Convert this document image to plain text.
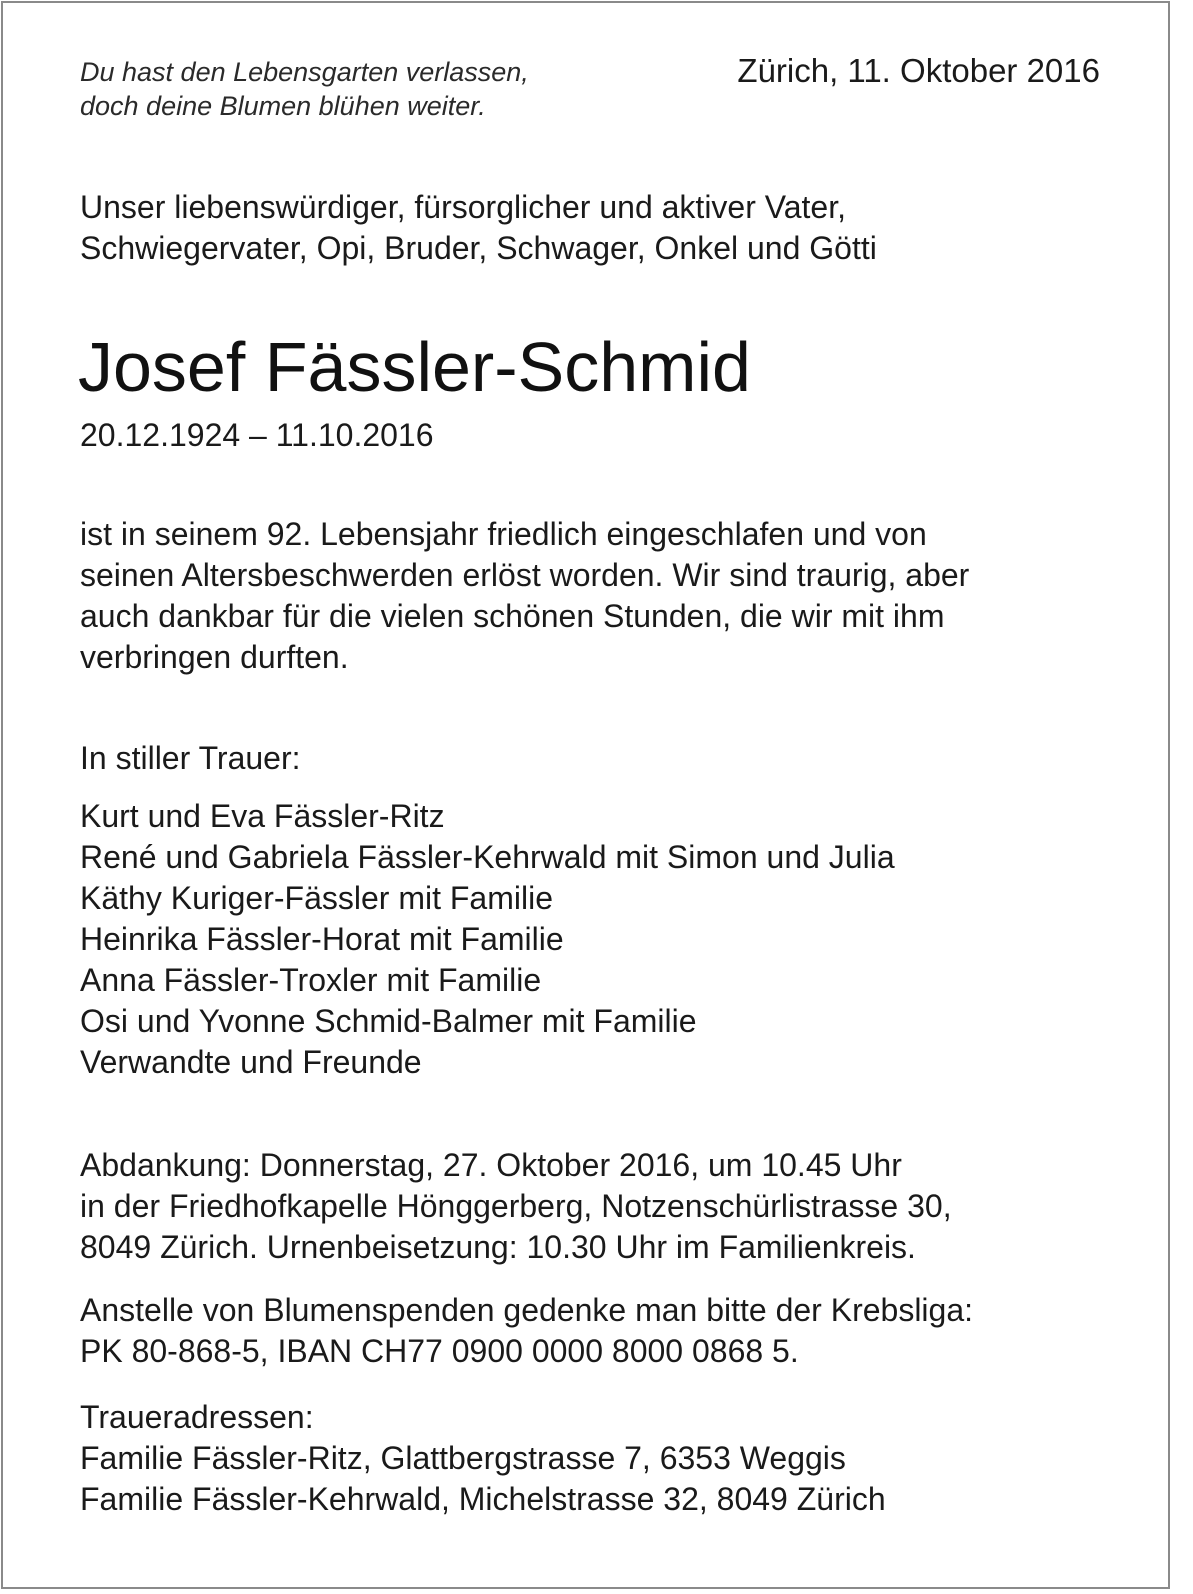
Du hast den Lebensgarten verlassen,
doch deine Blumen blühen weiter.
Zürich, 11. Oktober 2016
Unser liebenswürdiger, fürsorglicher und aktiver Vater,
Schwiegervater, Opi, Bruder, Schwager, Onkel und Götti
Josef Fässler-Schmid
20.12.1924 – 11.10.2016
ist in seinem 92. Lebensjahr friedlich eingeschlafen und von
seinen Altersbeschwerden erlöst worden. Wir sind traurig, aber
auch dankbar für die vielen schönen Stunden, die wir mit ihm
verbringen durften.
In stiller Trauer:
Kurt und Eva Fässler-Ritz
René und Gabriela Fässler-Kehrwald mit Simon und Julia
Käthy Kuriger-Fässler mit Familie
Heinrika Fässler-Horat mit Familie
Anna Fässler-Troxler mit Familie
Osi und Yvonne Schmid-Balmer mit Familie
Verwandte und Freunde
Abdankung: Donnerstag, 27. Oktober 2016, um 10.45 Uhr
in der Friedhofkapelle Hönggerberg, Notzenschürlistrasse 30,
8049 Zürich. Urnenbeisetzung: 10.30 Uhr im Familienkreis.
Anstelle von Blumenspenden gedenke man bitte der Krebsliga:
PK 80-868-5, IBAN CH77 0900 0000 8000 0868 5.
Traueradressen:
Familie Fässler-Ritz, Glattbergstrasse 7, 6353 Weggis
Familie Fässler-Kehrwald, Michelstrasse 32, 8049 Zürich
